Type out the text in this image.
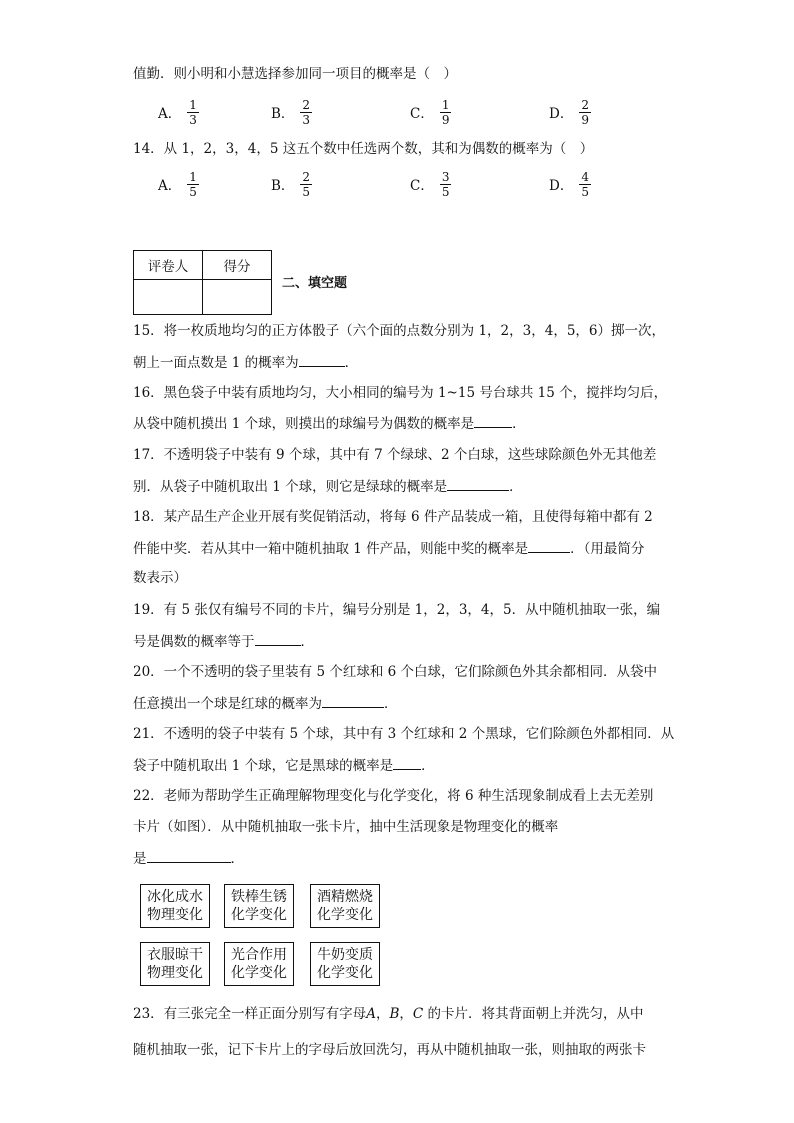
值勤．则小明和小慧选择参加同一项目的概率是（　）
A． $\frac{1}{3}$	B． $\frac{2}{3}$	C． $\frac{1}{9}$	D． $\frac{2}{9}$
14．从 1，2，3，4，5 这五个数中任选两个数，其和为偶数的概率为（　）
A． $\frac{1}{5}$	B． $\frac{2}{5}$	C． $\frac{3}{5}$	D． $\frac{4}{5}$
评卷人	得分

二、填空题
15．将一枚质地均匀的正方体骰子（六个面的点数分别为 1，2，3，4，5，6）掷一次，
朝上一面点数是 1 的概率为	．
16．黑色袋子中装有质地均匀，大小相同的编号为 1~15 号台球共 15 个，搅拌均匀后，
从袋中随机摸出 1 个球，则摸出的球编号为偶数的概率是	．
17．不透明袋子中装有 9 个球，其中有 7 个绿球、2 个白球，这些球除颜色外无其他差
别．从袋子中随机取出 1 个球，则它是绿球的概率是	．
18．某产品生产企业开展有奖促销活动，将每 6 件产品装成一箱，且使得每箱中都有 2
件能中奖．若从其中一箱中随机抽取 1 件产品，则能中奖的概率是	．（用最简分
数表示）
19．有 5 张仅有编号不同的卡片，编号分别是 1，2，3，4，5．从中随机抽取一张，编
号是偶数的概率等于	．
20．一个不透明的袋子里装有 5 个红球和 6 个白球，它们除颜色外其余都相同．从袋中
任意摸出一个球是红球的概率为	．
21．不透明的袋子中装有 5 个球，其中有 3 个红球和 2 个黑球，它们除颜色外都相同．从
袋子中随机取出 1 个球，它是黑球的概率是 ．
22．老师为帮助学生正确理解物理变化与化学变化，将 6 种生活现象制成看上去无差别
卡片（如图）．从中随机抽取一张卡片，抽中生活现象是物理变化的概率
是	．
冰化成水
物理变化
铁棒生锈
化学变化
酒精燃烧
化学变化
衣服晾干
物理变化
光合作用
化学变化
牛奶变质
化学变化
23．有三张完全一样正面分别写有字母A，B，C 的卡片．将其背面朝上并洗匀，从中
随机抽取一张，记下卡片上的字母后放回洗匀，再从中随机抽取一张，则抽取的两张卡
